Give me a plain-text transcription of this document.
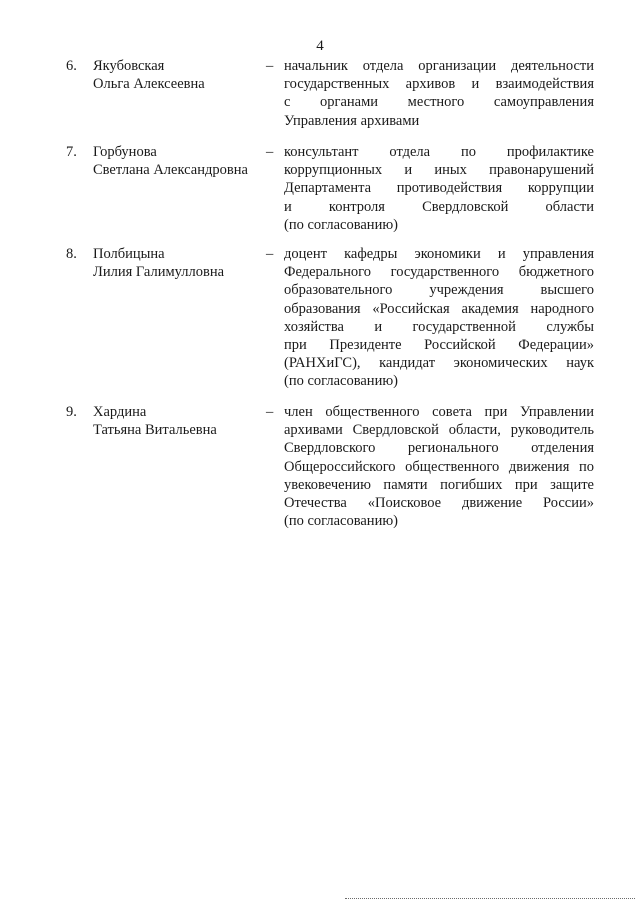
4
6. Якубовская
Ольга Алексеевна
– начальник отдела организации деятельности
государственных архивов и взаимодействия
с органами местного самоуправления
Управления архивами
7. Горбунова
Светлана Александровна
– консультант отдела по профилактике
коррупционных и иных правонарушений
Департамента противодействия коррупции
и контроля Свердловской области
(по согласованию)
8. Полбицына
Лилия Галимулловна
– доцент кафедры экономики и управления
Федерального государственного бюджетного
образовательного учреждения высшего
образования «Российская академия народного
хозяйства и государственной службы
при Президенте Российской Федерации»
(РАНХиГС), кандидат экономических наук
(по согласованию)
9. Хардина
Татьяна Витальевна
– член общественного совета при Управлении
архивами Свердловской области, руководитель
Свердловского регионального отделения
Общероссийского общественного движения по
увековечению памяти погибших при защите
Отечества «Поисковое движение России»
(по согласованию)
